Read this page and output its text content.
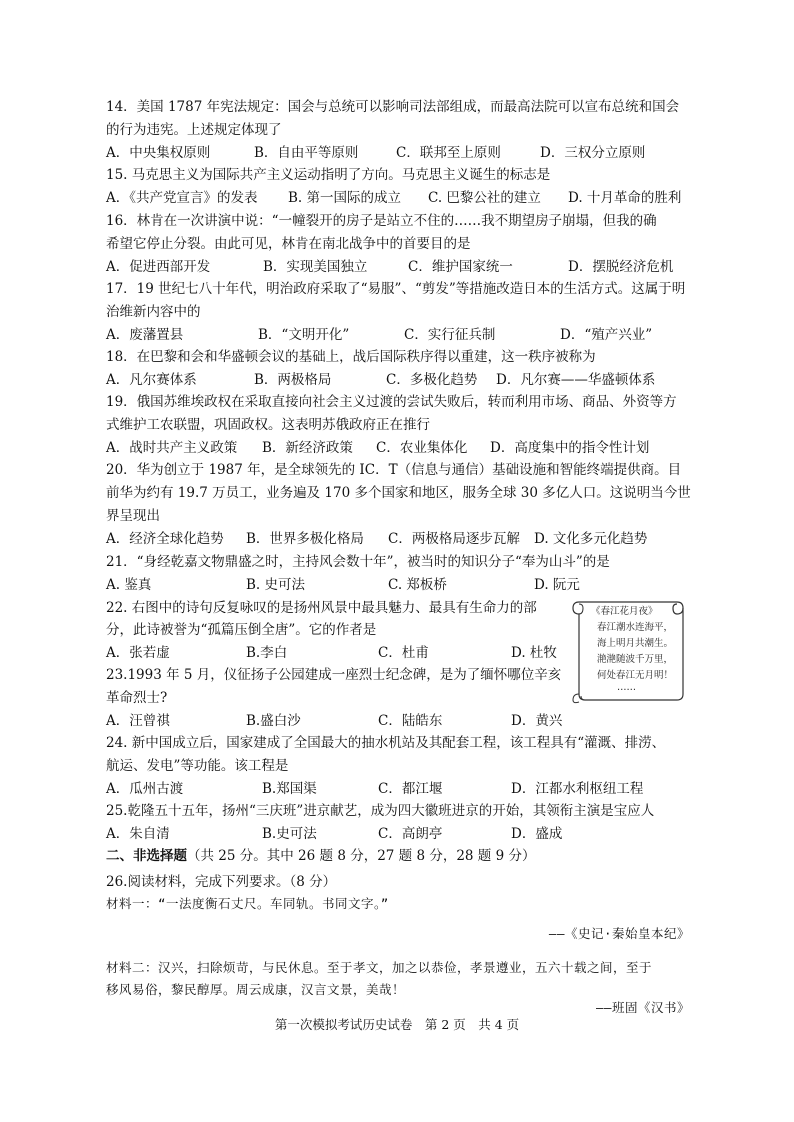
14．美国 1787 年宪法规定：国会与总统可以影响司法部组成，而最高法院可以宣布总统和国会
的行为违宪。上述规定体现了
A．中央集权原则	B．自由平等原则	C．联邦至上原则	D．三权分立原则
15. 马克思主义为国际共产主义运动指明了方向。马克思主义诞生的标志是
A．《共产党宣言》的发表 B. 第一国际的成立 C. 巴黎公社的建立 D. 十月革命的胜利
16．林肯在一次讲演中说：“一幢裂开的房子是站立不住的……我不期望房子崩塌，但我的确
希望它停止分裂。由此可见，林肯在南北战争中的首要目的是
A．促进西部开发	B．实现美国独立	C．维护国家统一	D．摆脱经济危机
17．19 世纪七八十年代，明治政府采取了“易服”、“剪发”等措施改造日本的生活方式。这属于明
治维新内容中的
A．废藩置县	B．“文明开化”	C．实行征兵制	D．“殖产兴业”
18．在巴黎和会和华盛顿会议的基础上，战后国际秩序得以重建，这一秩序被称为
A．凡尔赛体系	B．两极格局	C．多极化趋势 D．凡尔赛——华盛顿体系
19．俄国苏维埃政权在采取直接向社会主义过渡的尝试失败后，转而利用市场、商品、外资等方
式维护工农联盟，巩固政权。这表明苏俄政府正在推行
A．战时共产主义政策 B．新经济政策 C．农业集体化 D．高度集中的指令性计划
20．华为创立于 1987 年，是全球领先的 IC．T（信息与通信）基础设施和智能终端提供商。目
前华为约有 19.7 万员工，业务遍及 170 多个国家和地区，服务全球 30 多亿人口。这说明当今世
界呈现出
A．经济全球化趋势 B．世界多极化格局 C．两极格局逐步瓦解 D. 文化多元化趋势
21．“身经乾嘉文物鼎盛之时，主持风会数十年”，被当时的知识分子“奉为山斗”的是
A. 鉴真	B. 史可法	C. 郑板桥	D. 阮元
22. 右图中的诗句反复咏叹的是扬州风景中最具魅力、最具有生命力的部
分，此诗被誉为“孤篇压倒全唐”。它的作者是
A．张若虚	B.李白	C．杜甫	D. 杜牧
23.1993 年 5 月，仪征扬子公园建成一座烈士纪念碑，是为了缅怀哪位辛亥
革命烈士?
A．汪曾祺	B.盛白沙	C．陆皓东	D．黄兴
《春江花月夜》
春江潮水连海平，
海上明月共潮生。
滟滟随波千万里，
何处春江无月明！
……
24. 新中国成立后，国家建成了全国最大的抽水机站及其配套工程，该工程具有“灌溉、排涝、
航运、发电”等功能。该工程是
A．瓜州古渡	B.郑国渠	C．都江堰	D．江都水利枢纽工程
25.乾隆五十五年，扬州“三庆班”进京献艺，成为四大徽班进京的开始，其领衔主演是宝应人
A．朱自清	B.史可法	C．高朗亭	D．盛成
二、非选择题（共 25 分。其中 26 题 8 分，27 题 8 分，28 题 9 分）
26.阅读材料，完成下列要求。（8 分）
材料一：“一法度衡石丈尺。车同轨。书同文字。”
——《史记·秦始皇本纪》
材料二：汉兴，扫除烦苛，与民休息。至于孝文，加之以恭俭，孝景遵业，五六十载之间，至于
移风易俗，黎民醇厚。周云成康，汉言文景，美哉！
——班固《汉书》
第一次模拟考试历史试卷　第 2 页　共 4 页
